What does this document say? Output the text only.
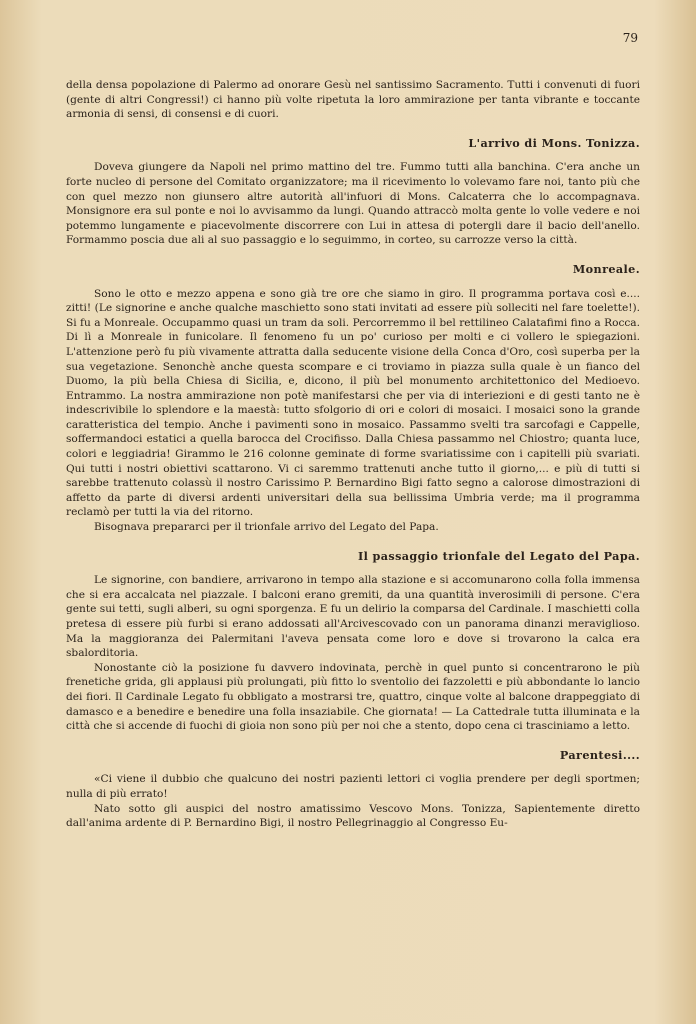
79

della densa popolazione di Palermo ad onorare Gesù nel santissimo Sacramento. Tutti i convenuti di fuori (gente di altri Congressi!) ci hanno più volte ripetuta la loro ammirazione per tanta vibrante e toccante armonia di sensi, di consensi e di cuori.

L'arrivo di Mons. Tonizza.

Doveva giungere da Napoli nel primo mattino del tre. Fummo tutti alla banchina. C'era anche un forte nucleo di persone del Comitato organizzatore; ma il ricevimento lo volevamo fare noi, tanto più che con quel mezzo non giunsero altre autorità all'infuori di Mons. Calcaterra che lo accompagnava. Monsignore era sul ponte e noi lo avvisammo da lungi. Quando attraccò molta gente lo volle vedere e noi potemmo lungamente e piacevolmente discorrere con Lui in attesa di potergli dare il bacio dell'anello. Formammo poscia due ali al suo passaggio e lo seguimmo, in corteo, su carrozze verso la città.

Monreale.

Sono le otto e mezzo appena e sono già tre ore che siamo in giro. Il programma portava così e.... zitti! (Le signorine e anche qualche maschietto sono stati invitati ad essere più solleciti nel fare toelette!). Si fu a Monreale. Occupammo quasi un tram da soli. Percorremmo il bel rettilineo Calatafimi fino a Rocca. Di lì a Monreale in funicolare. Il fenomeno fu un po' curioso per molti e ci vollero le spiegazioni. L'attenzione però fu più vivamente attratta dalla seducente visione della Conca d'Oro, così superba per la sua vegetazione. Senonchè anche questa scompare e ci troviamo in piazza sulla quale è un fianco del Duomo, la più bella Chiesa di Sicilia, e, dicono, il più bel monumento architettonico del Medioevo. Entrammo. La nostra ammirazione non potè manifestarsi che per via di interiezioni e di gesti tanto ne è indescrivibile lo splendore e la maestà: tutto sfolgorio di ori e colori di mosaici. I mosaici sono la grande caratteristica del tempio. Anche i pavimenti sono in mosaico. Passammo svelti tra sarcofagi e Cappelle, soffermandoci estatici a quella barocca del Crocifisso. Dalla Chiesa passammo nel Chiostro; quanta luce, colori e leggiadria! Girammo le 216 colonne geminate di forme svariatissime con i capitelli più svariati. Qui tutti i nostri obiettivi scattarono. Vi ci saremmo trattenuti anche tutto il giorno,... e più di tutti si sarebbe trattenuto colassù il nostro Carissimo P. Bernardino Bigi fatto segno a calorose dimostrazioni di affetto da parte di diversi ardenti universitari della sua bellissima Umbria verde; ma il programma reclamò per tutti la via del ritorno.

Bisognava prepararci per il trionfale arrivo del Legato del Papa.

Il passaggio trionfale del Legato del Papa.

Le signorine, con bandiere, arrivarono in tempo alla stazione e si accomunarono colla folla immensa che si era accalcata nel piazzale. I balconi erano gremiti, da una quantità inverosimili di persone. C'era gente sui tetti, sugli alberi, su ogni sporgenza. E fu un delirio la comparsa del Cardinale. I maschietti colla pretesa di essere più furbi si erano addossati all'Arcivescovado con un panorama dinanzi meraviglioso. Ma la maggioranza dei Palermitani l'aveva pensata come loro e dove si trovarono la calca era sbalorditoria.

Nonostante ciò la posizione fu davvero indovinata, perchè in quel punto si concentrarono le più frenetiche grida, gli applausi più prolungati, più fitto lo sventolio dei fazzoletti e più abbondante lo lancio dei fiori. Il Cardinale Legato fu obbligato a mostrarsi tre, quattro, cinque volte al balcone drappeggiato di damasco e a benedire e benedire una folla insaziabile. Che giornata! — La Cattedrale tutta illuminata e la città che si accende di fuochi di gioia non sono più per noi che a stento, dopo cena ci trasciniamo a letto.

Parentesi....

«Ci viene il dubbio che qualcuno dei nostri pazienti lettori ci voglia prendere per degli sportmen; nulla di più errato!

Nato sotto gli auspici del nostro amatissimo Vescovo Mons. Tonizza, Sapientemente diretto dall'anima ardente di P. Bernardino Bigi, il nostro Pellegrinaggio al Congresso Eu-
